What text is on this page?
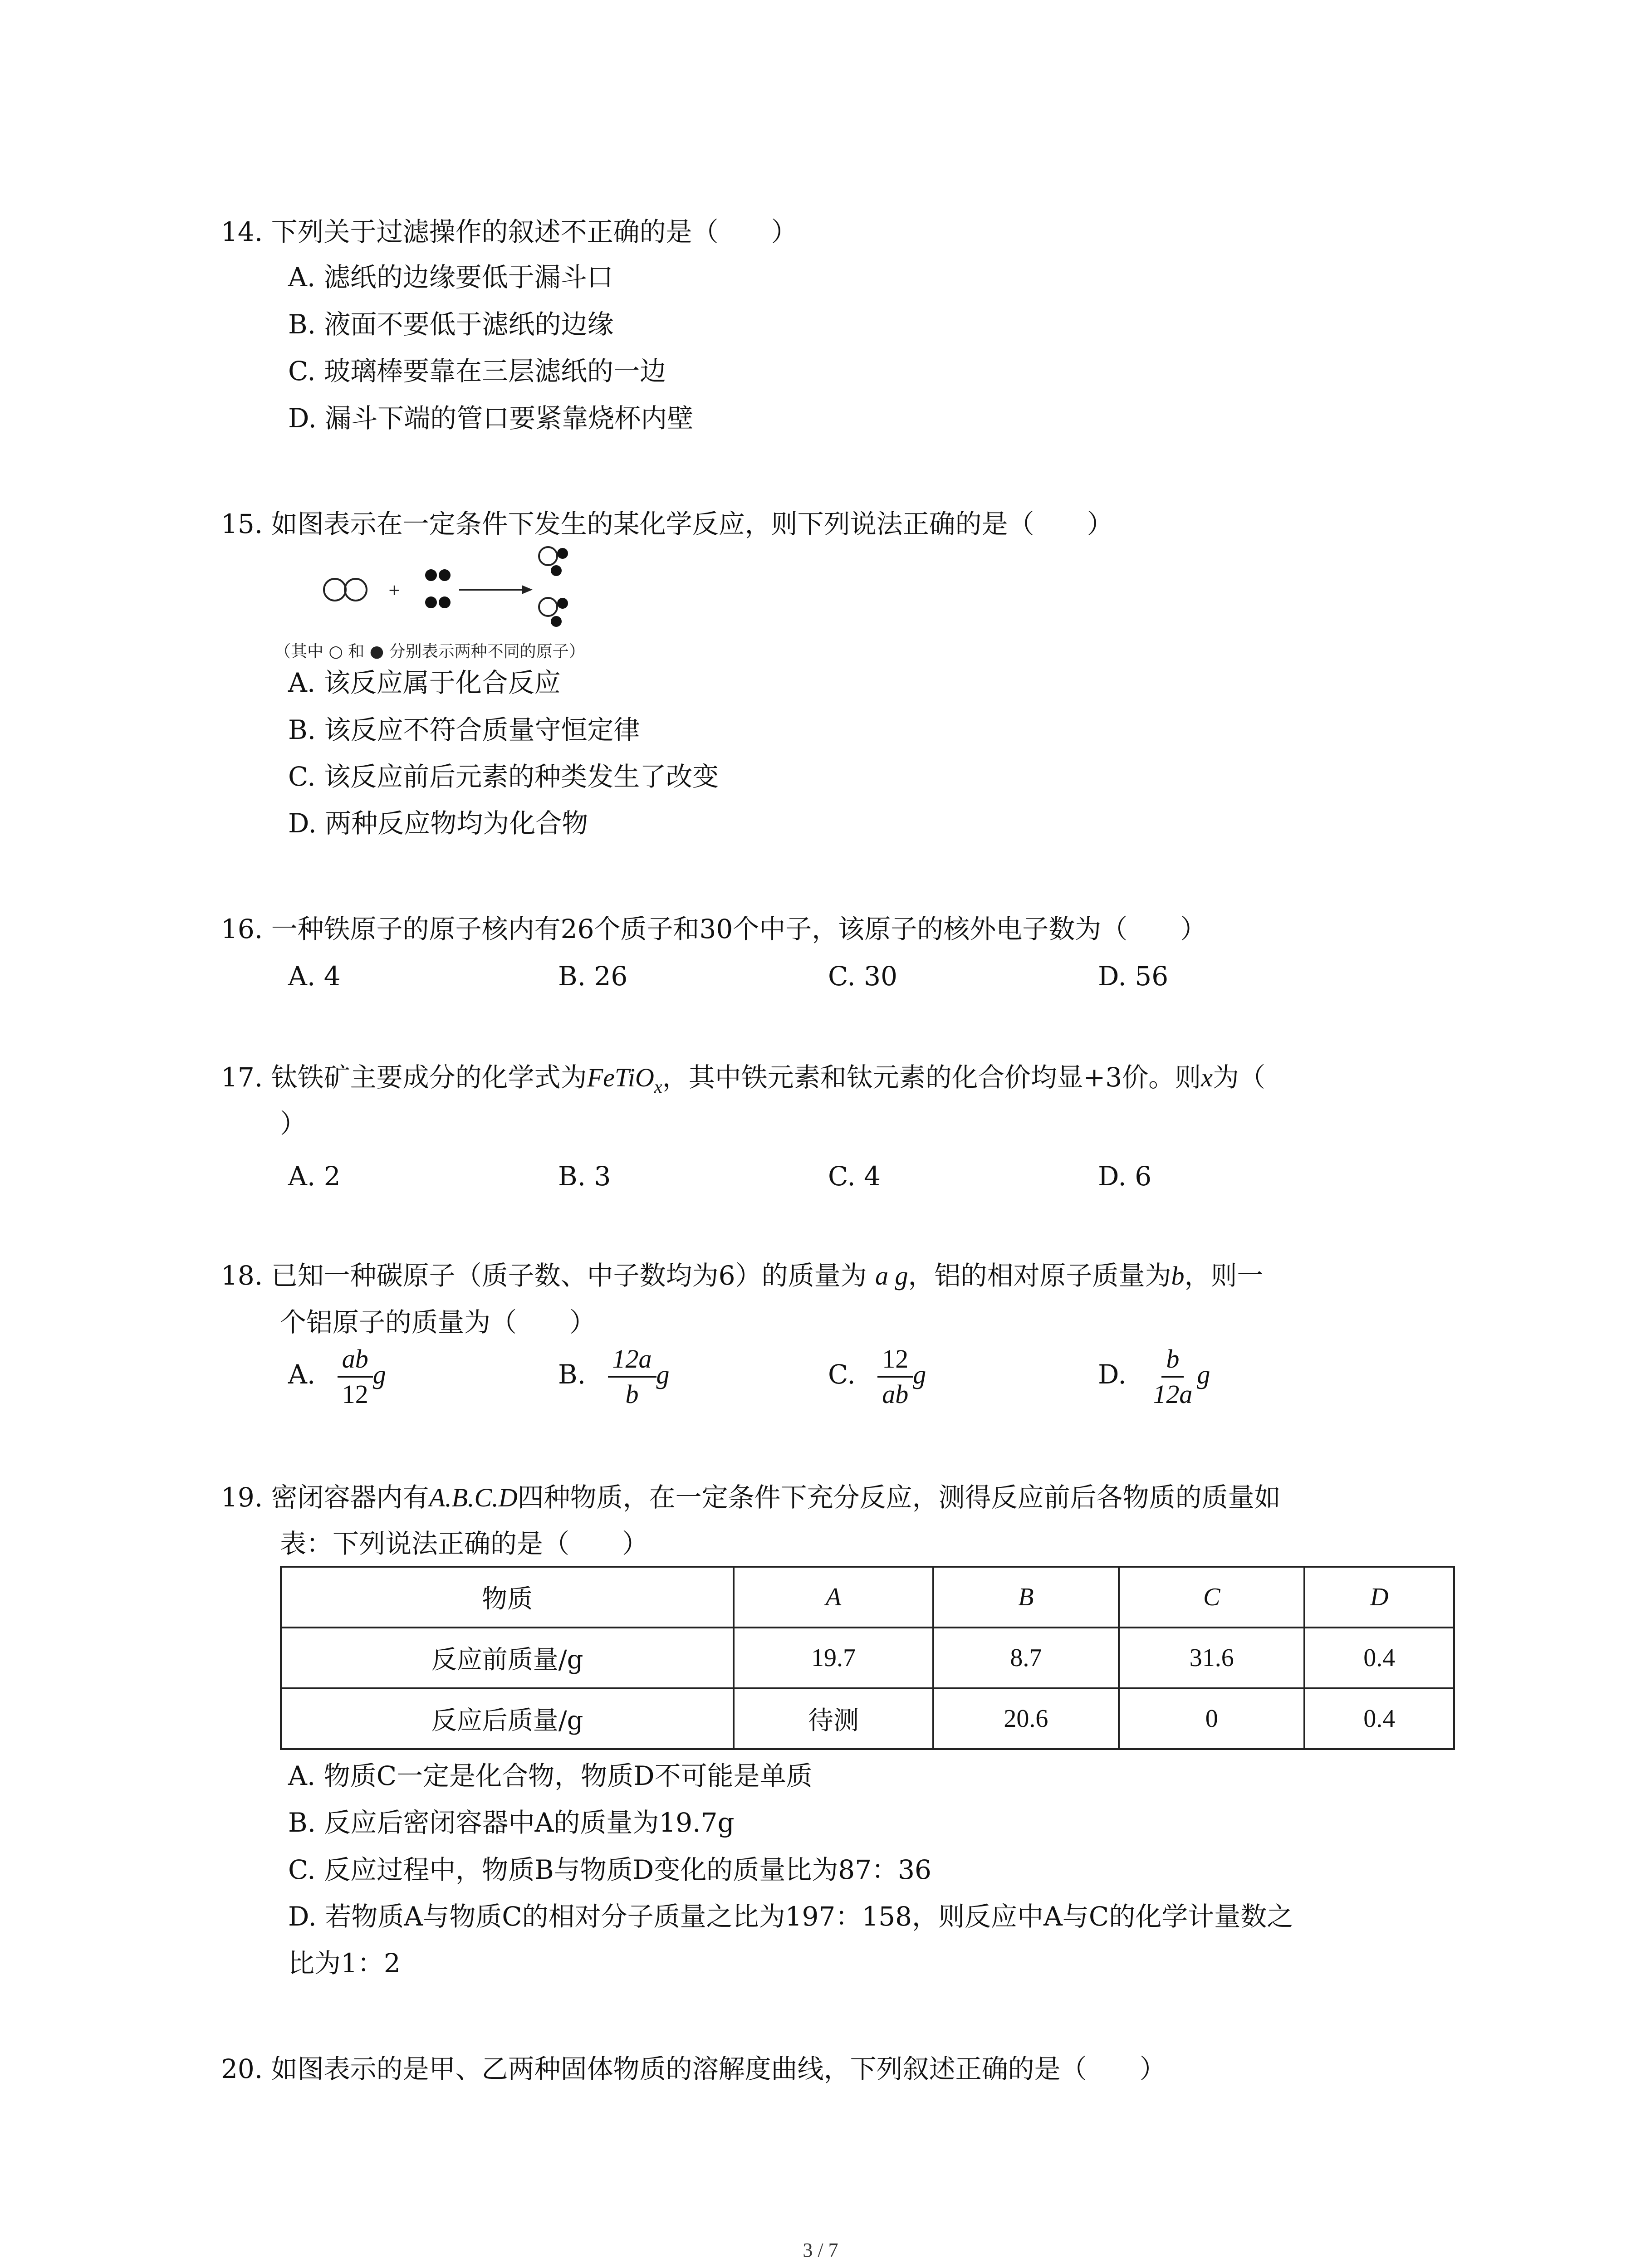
14. 下列关于过滤操作的叙述不正确的是（　　）
A. 滤纸的边缘要低于漏斗口
B. 液面不要低于滤纸的边缘
C. 玻璃棒要靠在三层滤纸的一边
D. 漏斗下端的管口要紧靠烧杯内壁
15. 如图表示在一定条件下发生的某化学反应，则下列说法正确的是（　　）
+
（其中 ○ 和 ● 分别表示两种不同的原子）
A. 该反应属于化合反应
B. 该反应不符合质量守恒定律
C. 该反应前后元素的种类发生了改变
D. 两种反应物均为化合物
16. 一种铁原子的原子核内有26个质子和30个中子，该原子的核外电子数为（　　）
A. 4	B. 26	C. 30	D. 56
17. 钛铁矿主要成分的化学式为FeTiO$_x$，其中铁元素和钛元素的化合价均显+3价。则x为（
）
A. 2	B. 3	C. 4	D. 6
18. 已知一种碳原子（质子数、中子数均为6）的质量为 a g，铝的相对原子质量为b，则一
个铝原子的质量为（　　）
A. $\frac{ab}{12}$ g	B. $\frac{12a}{b}$ g	C. $\frac{12}{ab}$ g	D. $\frac{b}{12a}$ g
19. 密闭容器内有A.B.C.D四种物质，在一定条件下充分反应，测得反应前后各物质的质量如
表：下列说法正确的是（　　）
物质	A	B	C	D
反应前质量/g	19.7	8.7	31.6	0.4
反应后质量/g	待测	20.6	0	0.4
A. 物质C一定是化合物，物质D不可能是单质
B. 反应后密闭容器中A的质量为19.7g
C. 反应过程中，物质B与物质D变化的质量比为87：36
D. 若物质A与物质C的相对分子质量之比为197：158，则反应中A与C的化学计量数之
比为1：2
20. 如图表示的是甲、乙两种固体物质的溶解度曲线，下列叙述正确的是（　　）
3 / 7
